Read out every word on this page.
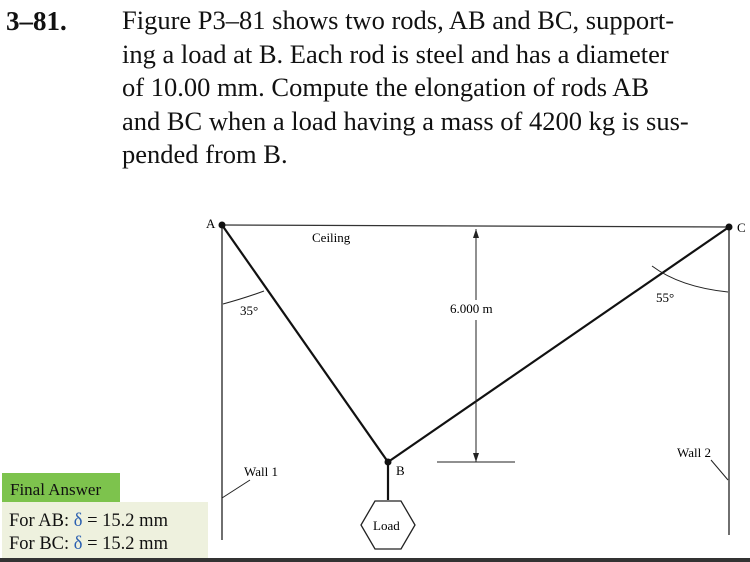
3–81. Figure P3–81 shows two rods, AB and BC, support-
ing a load at B. Each rod is steel and has a diameter
of 10.00 mm. Compute the elongation of rods AB
and BC when a load having a mass of 4200 kg is sus-
pended from B.
A	C
B
Ceiling
35°
55°
6.000 m
Wall 1
Wall 2
Load
Final Answer
For AB: δ = 15.2 mm
For BC: δ = 15.2 mm
